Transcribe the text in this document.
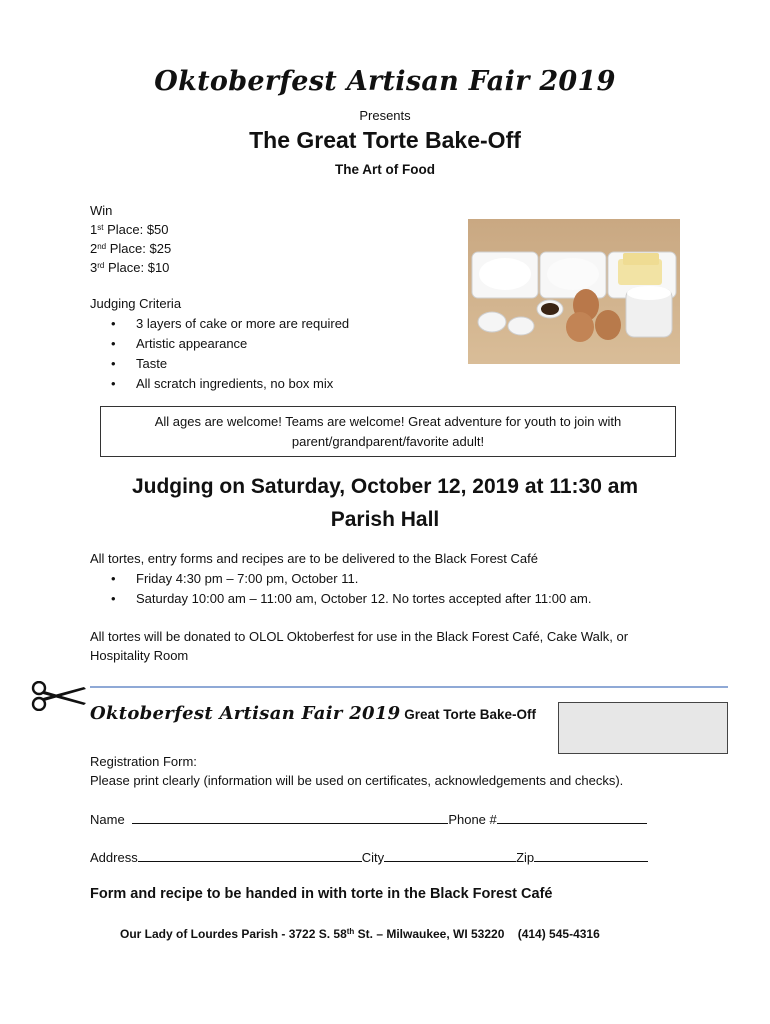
Oktoberfest Artisan Fair 2019
Presents
The Great Torte Bake-Off
The Art of Food
Win
1st Place: $50
2nd Place: $25
3rd Place: $10
Judging Criteria
• 3 layers of cake or more are required
• Artistic appearance
• Taste
• All scratch ingredients, no box mix
All ages are welcome! Teams are welcome! Great adventure for youth to join with
parent/grandparent/favorite adult!
Judging on Saturday, October 12, 2019 at 11:30 am
Parish Hall
All tortes, entry forms and recipes are to be delivered to the Black Forest Café
• Friday 4:30 pm – 7:00 pm, October 11.
• Saturday 10:00 am – 11:00 am, October 12. No tortes accepted after 11:00 am.
All tortes will be donated to OLOL Oktoberfest for use in the Black Forest Café, Cake Walk, or Hospitality Room
Oktoberfest Artisan Fair 2019 Great Torte Bake-Off
Registration Form:
Please print clearly (information will be used on certificates, acknowledgements and checks).
Name	Phone #
Address	City	Zip
Form and recipe to be handed in with torte in the Black Forest Café
Our Lady of Lourdes Parish - 3722 S. 58th St. – Milwaukee, WI 53220    (414) 545-4316
